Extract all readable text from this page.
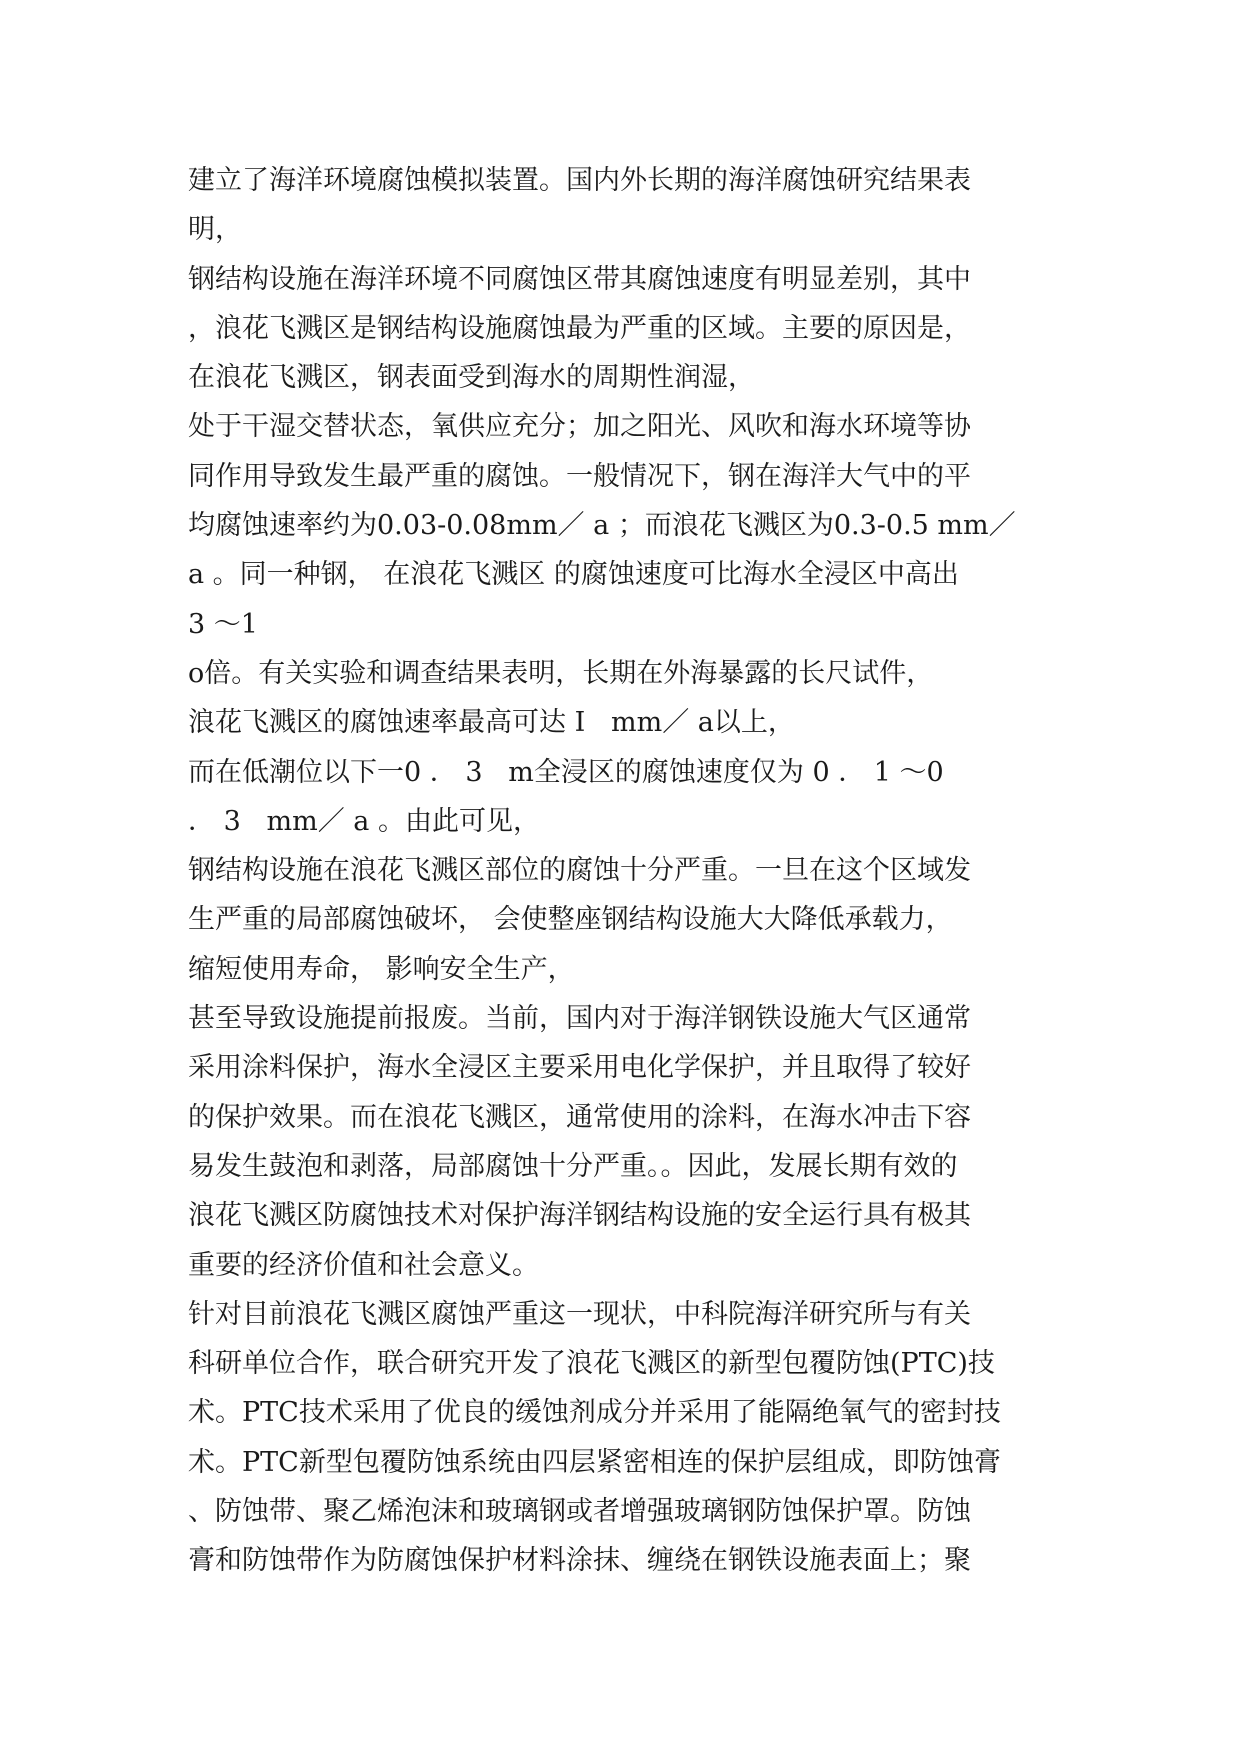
建立了海洋环境腐蚀模拟装置。国内外长期的海洋腐蚀研究结果表
明，
钢结构设施在海洋环境不同腐蚀区带其腐蚀速度有明显差别，其中
，浪花飞溅区是钢结构设施腐蚀最为严重的区域。主要的原因是，
在浪花飞溅区，钢表面受到海水的周期性润湿，
处于干湿交替状态，氧供应充分；加之阳光、风吹和海水环境等协
同作用导致发生最严重的腐蚀。一般情况下，钢在海洋大气中的平
均腐蚀速率约为0.03-0.08mm／ a ；而浪花飞溅区为0.3-0.5 mm／
a 。同一种钢， 在浪花飞溅区 的腐蚀速度可比海水全浸区中高出
3 ～1
o倍。有关实验和调查结果表明，长期在外海暴露的长尺试件，
浪花飞溅区的腐蚀速率最高可达 I   mm／ a以上，
而在低潮位以下一0 ． 3   m全浸区的腐蚀速度仅为 0 ． 1 ～0
． 3   mm／ a 。由此可见，
钢结构设施在浪花飞溅区部位的腐蚀十分严重。一旦在这个区域发
生严重的局部腐蚀破坏， 会使整座钢结构设施大大降低承载力，
缩短使用寿命， 影响安全生产，
甚至导致设施提前报废。当前，国内对于海洋钢铁设施大气区通常
采用涂料保护，海水全浸区主要采用电化学保护，并且取得了较好
的保护效果。而在浪花飞溅区，通常使用的涂料，在海水冲击下容
易发生鼓泡和剥落，局部腐蚀十分严重。。因此，发展长期有效的
浪花飞溅区防腐蚀技术对保护海洋钢结构设施的安全运行具有极其
重要的经济价值和社会意义。
针对目前浪花飞溅区腐蚀严重这一现状，中科院海洋研究所与有关
科研单位合作，联合研究开发了浪花飞溅区的新型包覆防蚀(PTC)技
术。PTC技术采用了优良的缓蚀剂成分并采用了能隔绝氧气的密封技
术。PTC新型包覆防蚀系统由四层紧密相连的保护层组成，即防蚀膏
、防蚀带、聚乙烯泡沫和玻璃钢或者增强玻璃钢防蚀保护罩。防蚀
膏和防蚀带作为防腐蚀保护材料涂抹、缠绕在钢铁设施表面上；聚
